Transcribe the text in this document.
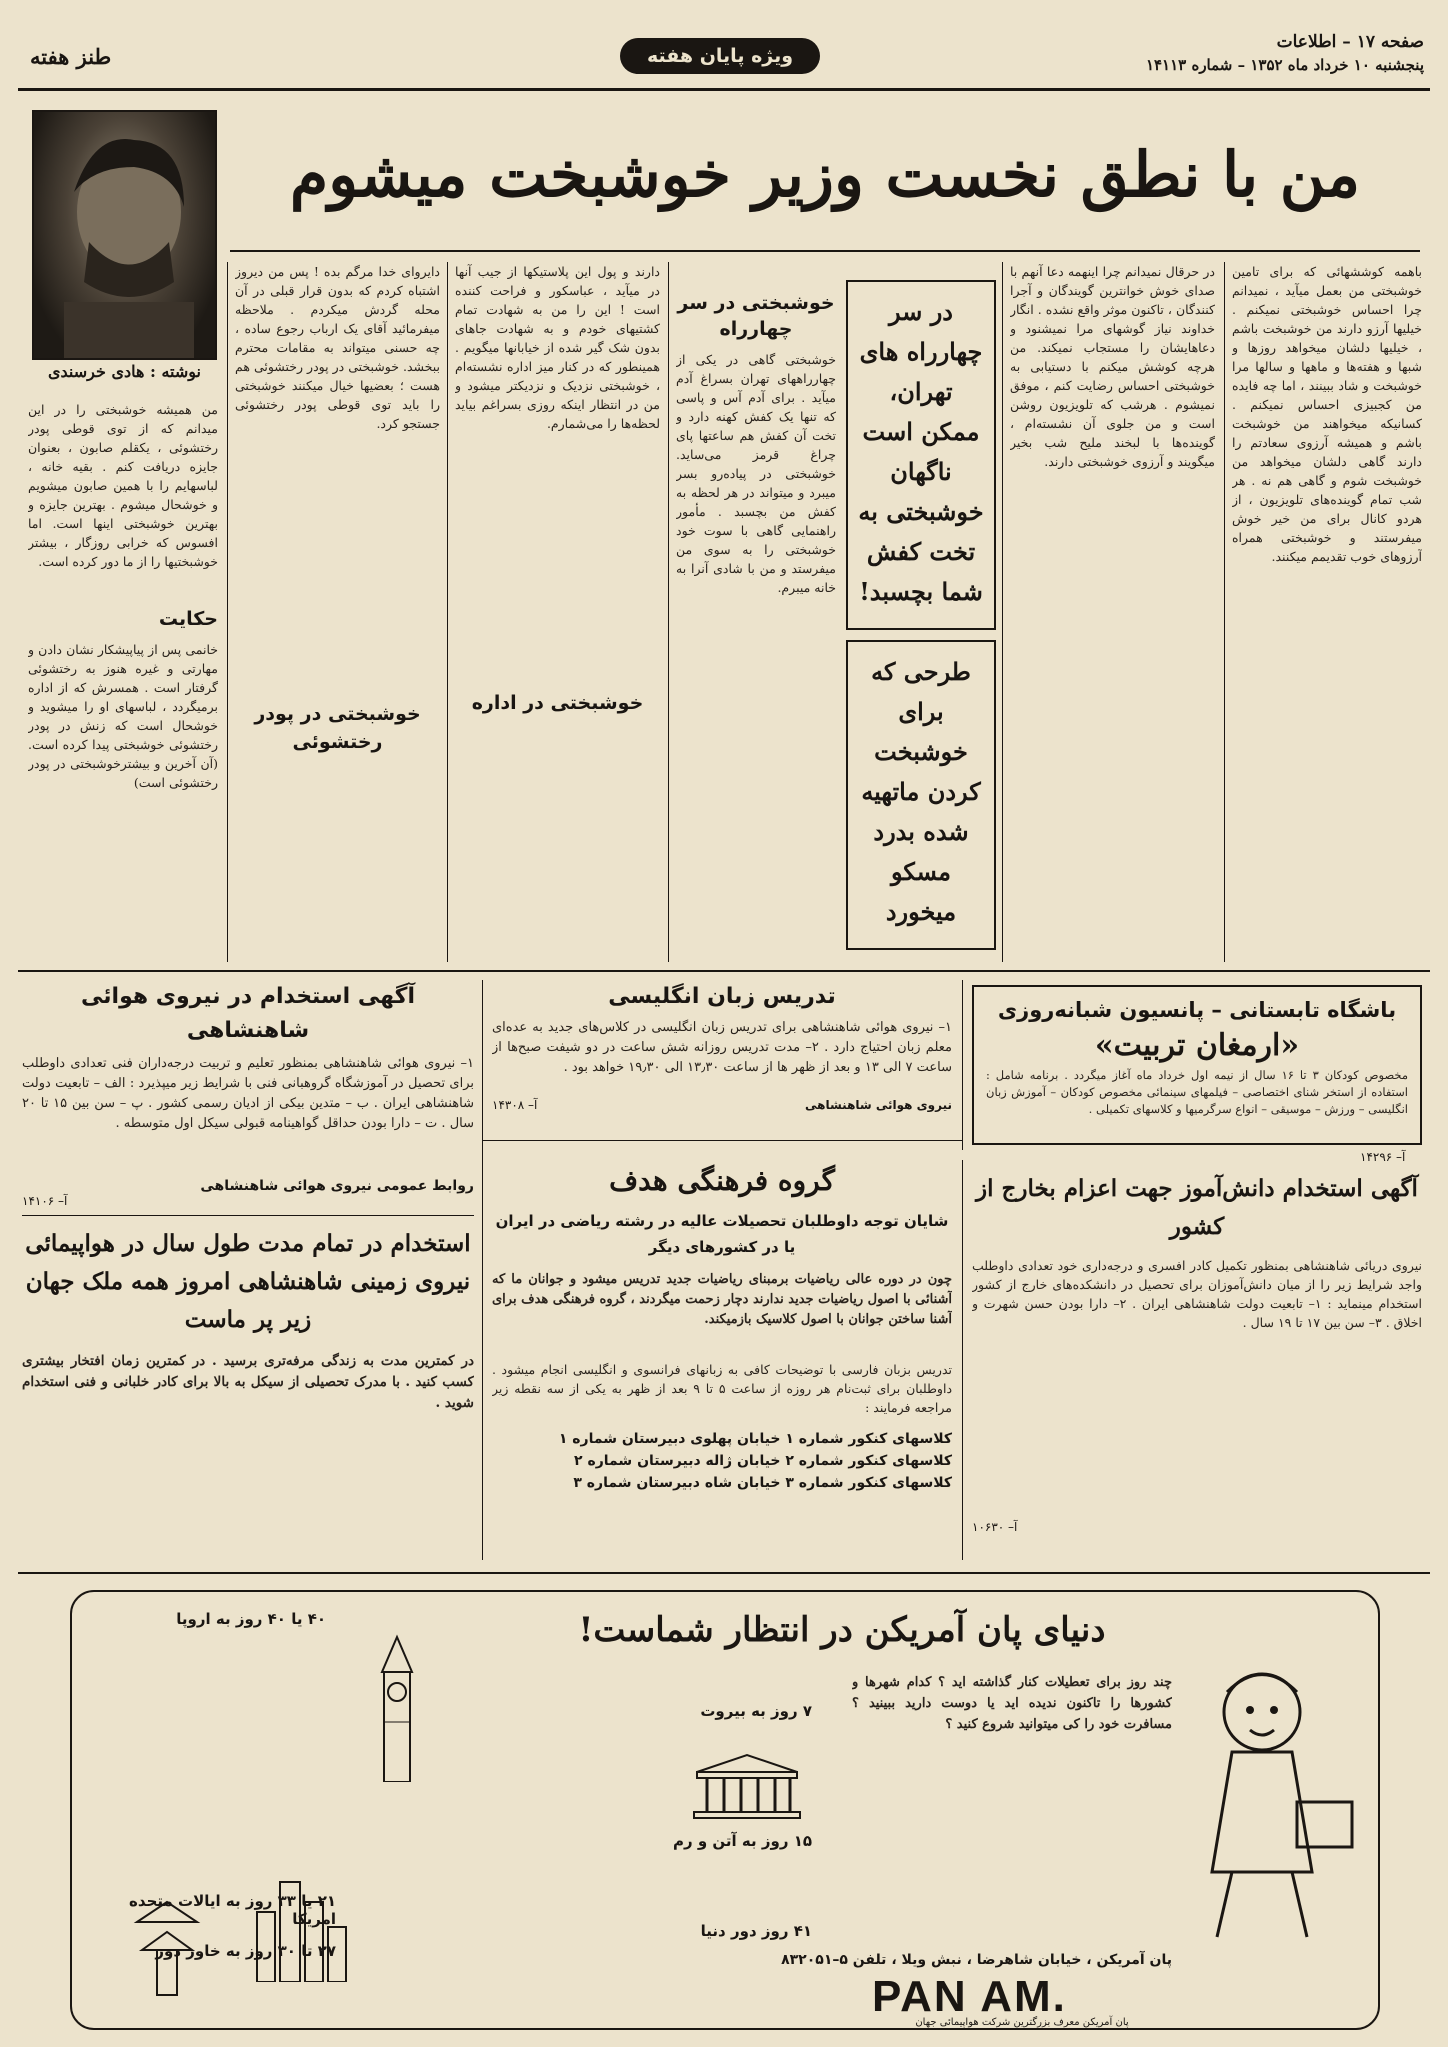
صفحه ۱۷ – اطلاعات
پنجشنبه ۱۰ خرداد ماه ۱۳۵۲ – شماره ۱۴۱۱۳
ویژه پایان هفته
طنز هفته
نوشته : هادی خرسندی
من با نطق نخست وزیر خوشبخت میشوم
باهمه کوششهائی که برای تامین خوشبختی من بعمل میآید ، نمیدانم چرا احساس خوشبختی نمیکنم . خیلیها آرزو دارند من خوشبخت باشم ، خیلیها دلشان میخواهد روزها و شبها و هفته‌ها و ماهها و سالها مرا خوشبخت و شاد ببینند ، اما چه فایده من کجبیزی احساس نمیکنم . کسانیکه میخواهند من خوشبخت باشم و همیشه آرزوی سعادتم را دارند گاهی دلشان میخواهد من خوشبخت شوم و گاهی هم نه . هر شب تمام گوینده‌های تلویزیون ، از هردو کانال برای من خیر خوش میفرستند و خوشبختی همراه آرزوهای خوب تقدیمم میکنند.
در حرقال نمیدانم چرا اینهمه دعا آنهم با صدای خوش خوانترین گویندگان و آجرا کنندگان ، تاکنون موثر واقع نشده . انگار خداوند نیاز گوشهای مرا نمیشنود و دعاهایشان را مستجاب نمیکند. من هرچه کوشش میکنم با دستیابی به خوشبختی احساس رضایت کنم ، موفق نمیشوم . هرشب که تلویزیون روشن است و من جلوی آن نشسته‌ام ، گوینده‌ها با لبخند ملیح شب بخیر میگویند و آرزوی خوشبختی دارند.
در سر چهارراه های تهران، ممکن است ناگهان خوشبختی به تخت کفش شما بچسبد!
طرحی که برای خوشبخت کردن ماتهیه شده بدرد مسکو میخورد
خوشبختی در سر چهارراه
خوشبختی گاهی در یکی از چهارراههای تهران بسراغ آدم میآید . برای آدم آس و پاسی که تنها یک کفش کهنه دارد و تخت آن کفش هم ساعتها پای چراغ قرمز می‌ساید. خوشبختی در پیاده‌رو بسر میبرد و میتواند در هر لحظه به کفش من بچسبد . مأمور راهنمایی گاهی با سوت خود خوشبختی را به سوی من میفرستد و من با شادی آنرا به خانه میبرم.
دارند و پول این پلاستیکها از جیب آنها در میآید ، عباسکور و فراحت کننده است ! این را من به شهادت تمام کشتیهای خودم و به شهادت جاهای بدون شک گیر شده از خیابانها میگویم . همینطور که در کنار میز اداره نشسته‌ام ، خوشبختی نزدیک و نزدیکتر میشود و من در انتظار اینکه روزی بسراغم بیاید لحظه‌ها را می‌شمارم.
خوشبختی در اداره
دایروای خدا مرگم بده ! پس من دیروز اشتباه کردم که بدون قرار قبلی در آن محله گردش میکردم . ملاحظه میفرمائید آقای یک ارباب رجوع ساده ، چه حسنی میتواند به مقامات محترم ببخشد. خوشبختی در پودر رختشوئی هم هست ؛ بعضیها خیال میکنند خوشبختی را باید توی قوطی پودر رختشوئی جستجو کرد.
خوشبختی در پودر رختشوئی
من همیشه خوشبختی را در این میدانم که از توی قوطی پودر رختشوئی ، یکقلم صابون ، بعنوان جایزه دریافت کنم . بقیه خانه ، لباسهایم را با همین صابون میشویم و خوشحال میشوم . بهترین جایزه و بهترین خوشبختی اینها است. اما افسوس که خرابی روزگار ، بیشتر خوشبختیها را از ما دور کرده است.
حکایت
خانمی پس از پیاپیشکار نشان دادن و مهارتی و غیره هنوز به رختشوئی گرفتار است . همسرش که از اداره برمیگردد ، لباسهای او را میشوید و خوشحال است که زنش در پودر رختشوئی خوشبختی پیدا کرده است. (آن آخرین و بیشترخوشبختی در پودر رختشوئی است)
آگهی استخدام در نیروی هوائی شاهنشاهی
۱– نیروی هوائی شاهنشاهی بمنظور تعلیم و تربیت درجه‌داران فنی تعدادی داوطلب برای تحصیل در آموزشگاه گروهبانی فنی با شرایط زیر میپذیرد : الف – تابعیت دولت شاهنشاهی ایران . ب – متدین بیکی از ادیان رسمی کشور . پ – سن بین ۱۵ تا ۲۰ سال . ت – دارا بودن حداقل گواهینامه قبولی سیکل اول متوسطه .
روابط عمومی نیروی هوائی شاهنشاهی
آ– ۱۴۱۰۶
تدریس زبان انگلیسی
۱– نیروی هوائی شاهنشاهی برای تدریس زبان انگلیسی در کلاس‌های جدید به عده‌ای معلم زبان احتیاج دارد . ۲– مدت تدریس روزانه شش ساعت در دو شیفت صبح‌ها از ساعت ۷ الی ۱۳ و بعد از ظهر ها از ساعت ۱۳٫۳۰ الی ۱۹٫۳۰ خواهد بود .
نیروی هوائی شاهنشاهی
آ– ۱۴۳۰۸
باشگاه تابستانی – پانسیون شبانه‌روزی
«ارمغان تربیت»
مخصوص کودکان ۳ تا ۱۶ سال از نیمه اول خرداد ماه آغاز میگردد . برنامه شامل : استفاده از استخر شنای اختصاصی – فیلمهای سینمائی مخصوص کودکان – آموزش زبان انگلیسی – ورزش – موسیقی – انواع سرگرمیها و کلاسهای تکمیلی .
آ– ۱۴۲۹۶
گروه فرهنگی هدف
شایان توجه داوطلبان تحصیلات عالیه در رشته ریاضی در ایران یا در کشورهای دیگر
چون در دوره عالی ریاضیات برمبنای ریاضیات جدید تدریس میشود و جوانان ما که آشنائی با اصول ریاضیات جدید ندارند دچار زحمت میگردند ، گروه فرهنگی هدف برای آشنا ساختن جوانان با اصول کلاسیک بازمیکند.
تدریس بزبان فارسی با توضیحات کافی به زبانهای فرانسوی و انگلیسی انجام میشود . داوطلبان برای ثبت‌نام هر روزه از ساعت ۵ تا ۹ بعد از ظهر به یکی از سه نقطه زیر مراجعه فرمایند :
کلاسهای کنکور شماره ۱ خیابان پهلوی دبیرستان شماره ۱
کلاسهای کنکور شماره ۲ خیابان ژاله دبیرستان شماره ۲
کلاسهای کنکور شماره ۳ خیابان شاه دبیرستان شماره ۳
استخدام در تمام مدت طول سال در هواپیمائی نیروی زمینی شاهنشاهی امروز همه ملک جهان زیر پر ماست
در کمترین مدت به زندگی مرفه‌تری برسید . در کمترین زمان افتخار بیشتری کسب کنید . با مدرک تحصیلی از سیکل به بالا برای کادر خلبانی و فنی استخدام شوید .
آگهی استخدام دانش‌آموز جهت اعزام بخارج از کشور
نیروی دریائی شاهنشاهی بمنظور تکمیل کادر افسری و درجه‌داری خود تعدادی داوطلب واجد شرایط زیر را از میان دانش‌آموزان برای تحصیل در دانشکده‌های خارج از کشور استخدام مینماید : ۱– تابعیت دولت شاهنشاهی ایران . ۲– دارا بودن حسن شهرت و اخلاق . ۳– سن بین ۱۷ تا ۱۹ سال .
آ– ۱۰۶۳۰
دنیای پان آمریکن در انتظار شماست!
چند روز برای تعطیلات کنار گذاشته اید ؟ کدام شهرها و کشورها را تاکنون ندیده اید یا دوست دارید ببینید ؟ مسافرت خود را کی میتوانید شروع کنید ؟
۴۰ یا ۴۰ روز به اروپا
۷ روز به بیروت
۱۵ روز به آتن و رم
۲۱ یا ۳۳ روز به ایالات متحده امریکا
۲۷ تا ۳۰ روز به خاور دور
۴۱ روز دور دنیا
پان آمریکن ، خیابان شاهرضا ، نبش ویلا ، تلفن ۵–۸۳۲۰۵۱
PAN AM.
پان آمریکن معرف بزرگترین شرکت هواپیمائی جهان
